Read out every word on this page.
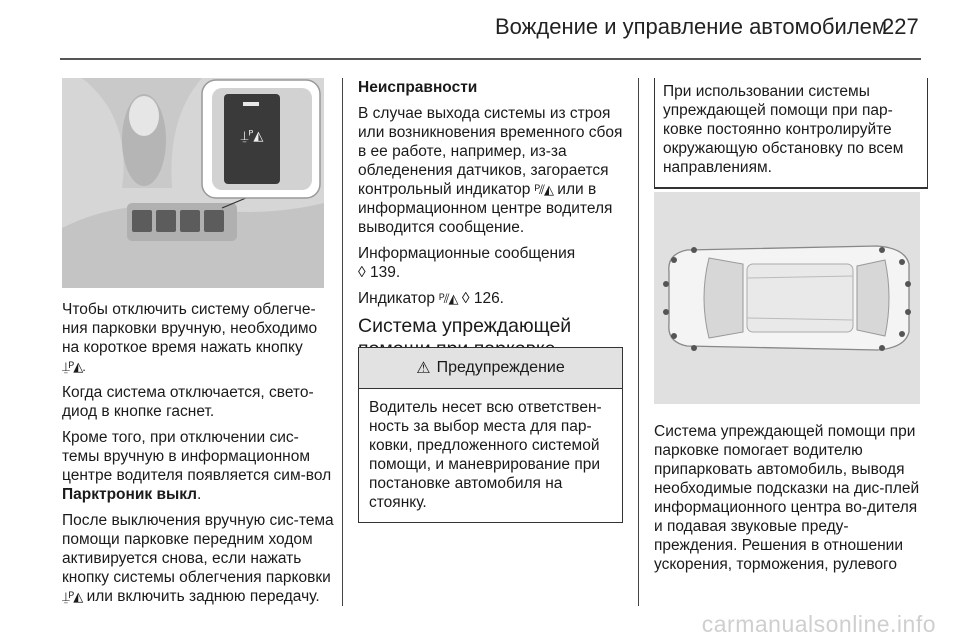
Вождение и управление автомобилем
227
⍊ᴾ◭

Чтобы отключить систему облегче-ния парковки вручную, необходимо на короткое время нажать кнопку
⍊ᴾ◭.

Когда система отключается, свето-диод в кнопке гаснет.

Кроме того, при отключении сис-темы вручную в информационном центре водителя появляется сим-вол Парктроник выкл.

После выключения вручную сис-тема помощи парковке передним ходом активируется снова, если нажать кнопку системы облегчения парковки ⍊ᴾ◭ или включить заднюю передачу.

Неисправности

В случае выхода системы из строя или возникновения временного сбоя в ее работе, например, из-за обледенения датчиков, загорается контрольный индикатор ᴾ⫽◭ или в информационном центре водителя выводится сообщение.

Информационные сообщения
◊ 139.

Индикатор ᴾ⫽◭ ◊ 126.

Система упреждающей

⚠ Предупреждение
Водитель несет всю ответствен-ность за выбор места для пар-ковки, предложенного системой помощи, и маневрирование при постановке автомобиля на стоянку.
При использовании системы упреждающей помощи при пар-ковке постоянно контролируйте окружающую обстановку по всем направлениям.

Система упреждающей помощи при парковке помогает водителю припарковать автомобиль, выводя необходимые подсказки на дис-плей информационного центра во-дителя и подавая звуковые преду-преждения. Решения в отношении ускорения, торможения, рулевого

carmanualsonline.info
